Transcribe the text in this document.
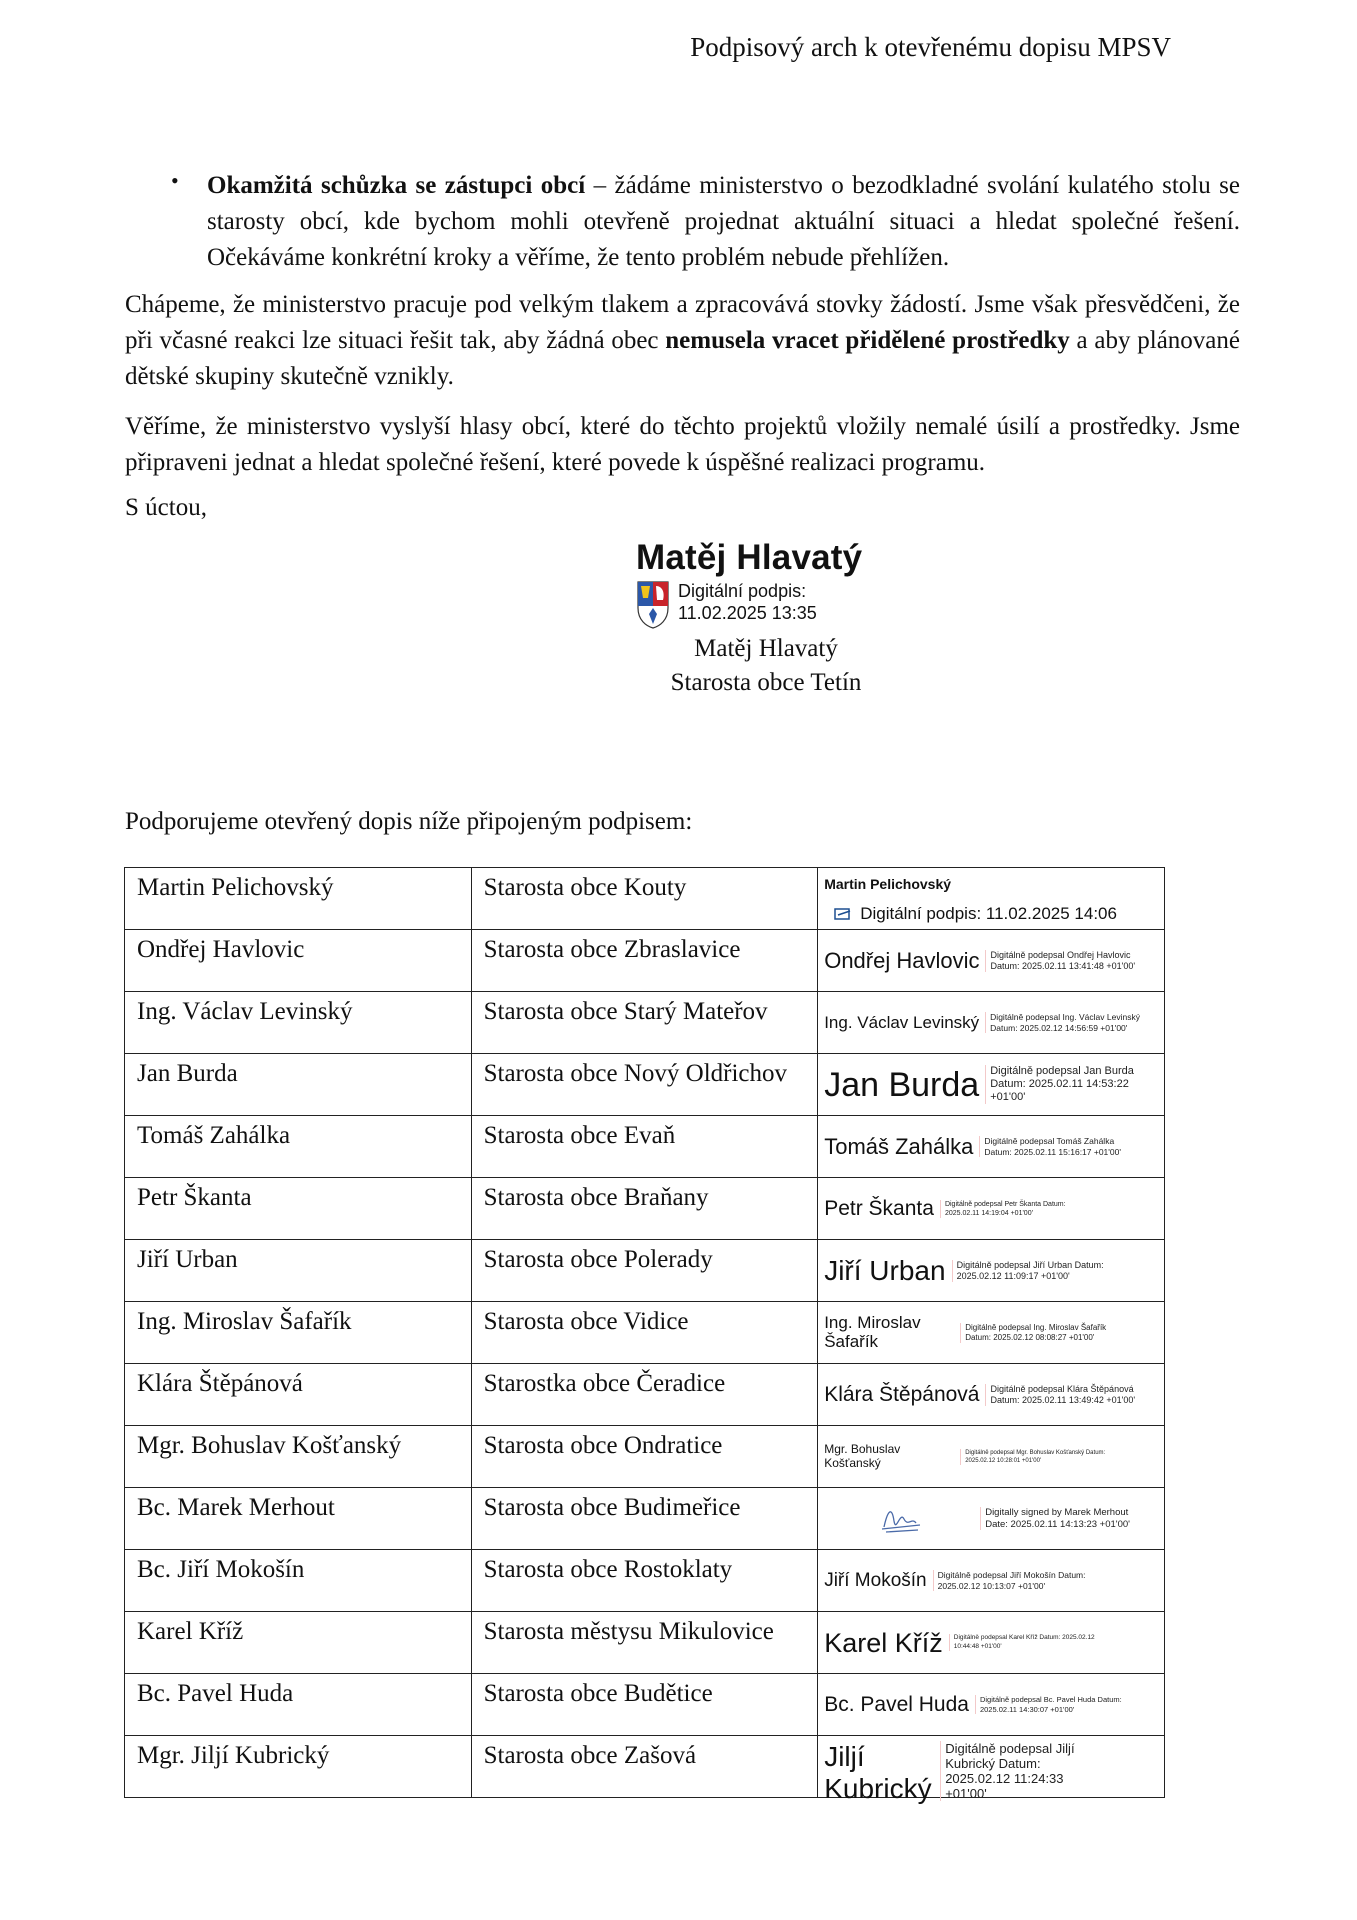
Podpisový arch k otevřenému dopisu MPSV
•	Okamžitá schůzka se zástupci obcí – žádáme ministerstvo o bezodkladné svolání kulatého stolu se starosty obcí, kde bychom mohli otevřeně projednat aktuální situaci a hledat společné řešení. Očekáváme konkrétní kroky a věříme, že tento problém nebude přehlížen.
Chápeme, že ministerstvo pracuje pod velkým tlakem a zpracovává stovky žádostí. Jsme však přesvědčeni, že při včasné reakci lze situaci řešit tak, aby žádná obec nemusela vracet přidělené prostředky a aby plánované dětské skupiny skutečně vznikly.
Věříme, že ministerstvo vyslyší hlasy obcí, které do těchto projektů vložily nemalé úsilí a prostředky. Jsme připraveni jednat a hledat společné řešení, které povede k úspěšné realizaci programu.
S úctou,
Matěj Hlavatý
Digitální podpis:
11.02.2025 13:35
Matěj Hlavatý
Starosta obce Tetín
Podporujeme otevřený dopis níže připojeným podpisem:
Martin Pelichovský	Starosta obce Kouty	Martin Pelichovský
Digitální podpis: 11.02.2025 14:06

Ondřej Havlovic	Starosta obce Zbraslavice	Ondřej Havlovic Digitálně podepsal Ondřej Havlovic Datum: 2025.02.11 13:41:48 +01'00'

Ing. Václav Levinský	Starosta obce Starý Mateřov	Ing. Václav Levinský Digitálně podepsal Ing. Václav Levinský Datum: 2025.02.12 14:56:59 +01'00'

Jan Burda	Starosta obce Nový Oldřichov	Jan Burda Digitálně podepsal Jan Burda Datum: 2025.02.11 14:53:22 +01'00'

Tomáš Zahálka	Starosta obce Evaň	Tomáš Zahálka Digitálně podepsal Tomáš Zahálka Datum: 2025.02.11 15:16:17 +01'00'

Petr Škanta	Starosta obce Braňany	Petr Škanta Digitálně podepsal Petr Škanta Datum: 2025.02.11 14:19:04 +01'00'

Jiří Urban	Starosta obce Polerady	Jiří Urban Digitálně podepsal Jiří Urban Datum: 2025.02.12 11:09:17 +01'00'

Ing. Miroslav Šafařík	Starosta obce Vidice	Ing. Miroslav Šafařík
Digitálně podepsal Ing. Miroslav Šafařík Datum: 2025.02.12 08:08:27 +01'00'

Klára Štěpánová	Starostka obce Čeradice	Klára Štěpánová Digitálně podepsal Klára Štěpánová Datum: 2025.02.11 13:49:42 +01'00'

Mgr. Bohuslav Košťanský	Starosta obce Ondratice	Mgr. Bohuslav Košťanský
Digitálně podepsal Mgr. Bohuslav Košťanský Datum: 2025.02.12 10:28:01 +01'00'

Bc. Marek Merhout	Starosta obce Budimeřice	Digitally signed by Marek Merhout Date: 2025.02.11 14:13:23 +01'00'

Bc. Jiří Mokošín	Starosta obce Rostoklaty	Jiří Mokošín Digitálně podepsal Jiří Mokošín Datum: 2025.02.12 10:13:07 +01'00'

Karel Kříž	Starosta městysu Mikulovice	Karel Kříž Digitálně podepsal Karel Kříž Datum: 2025.02.12 10:44:48 +01'00'

Bc. Pavel Huda	Starosta obce Budětice	Bc. Pavel Huda Digitálně podepsal Bc. Pavel Huda Datum: 2025.02.11 14:30:07 +01'00'

Mgr. Jiljí Kubrický	Starosta obce Zašová	Jiljí Kubrický
Digitálně podepsal Jiljí Kubrický Datum: 2025.02.12 11:24:33 +01'00'
